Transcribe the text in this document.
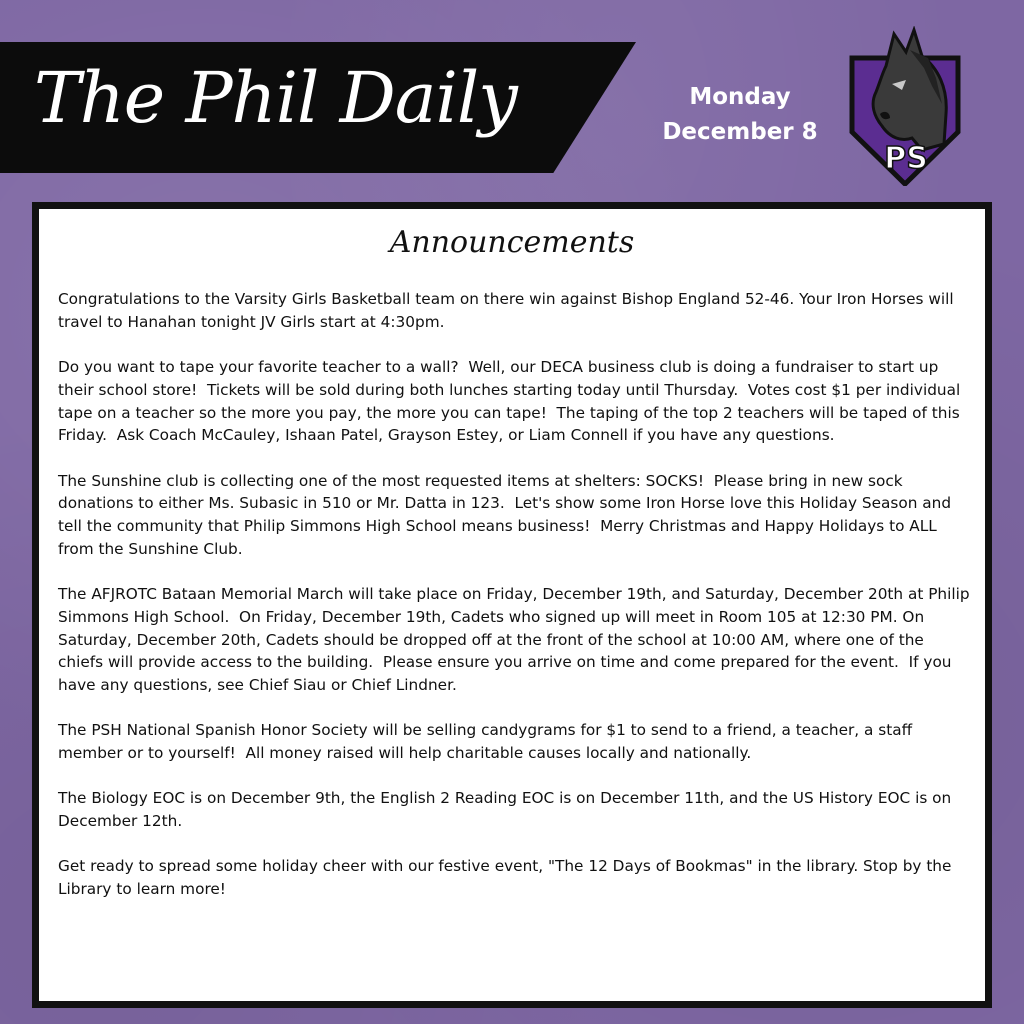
The Phil Daily	Monday
December 8
PS
Announcements

Congratulations to the Varsity Girls Basketball team on there win against Bishop England 52-46. Your Iron Horses will travel to Hanahan tonight JV Girls start at 4:30pm.

Do you want to tape your favorite teacher to a wall?  Well, our DECA business club is doing a fundraiser to start up their school store!  Tickets will be sold during both lunches starting today until Thursday.  Votes cost $1 per individual tape on a teacher so the more you pay, the more you can tape!  The taping of the top 2 teachers will be taped of this Friday.  Ask Coach McCauley, Ishaan Patel, Grayson Estey, or Liam Connell if you have any questions.

The Sunshine club is collecting one of the most requested items at shelters: SOCKS!  Please bring in new sock donations to either Ms. Subasic in 510 or Mr. Datta in 123.  Let's show some Iron Horse love this Holiday Season and tell the community that Philip Simmons High School means business!  Merry Christmas and Happy Holidays to ALL from the Sunshine Club.

The AFJROTC Bataan Memorial March will take place on Friday, December 19th, and Saturday, December 20th at Philip Simmons High School.  On Friday, December 19th, Cadets who signed up will meet in Room 105 at 12:30 PM. On Saturday, December 20th, Cadets should be dropped off at the front of the school at 10:00 AM, where one of the chiefs will provide access to the building.  Please ensure you arrive on time and come prepared for the event.  If you have any questions, see Chief Siau or Chief Lindner.

The PSH National Spanish Honor Society will be selling candygrams for $1 to send to a friend, a teacher, a staff member or to yourself!  All money raised will help charitable causes locally and nationally.

The Biology EOC is on December 9th, the English 2 Reading EOC is on December 11th, and the US History EOC is on December 12th.

Get ready to spread some holiday cheer with our festive event, "The 12 Days of Bookmas" in the library. Stop by the Library to learn more!
